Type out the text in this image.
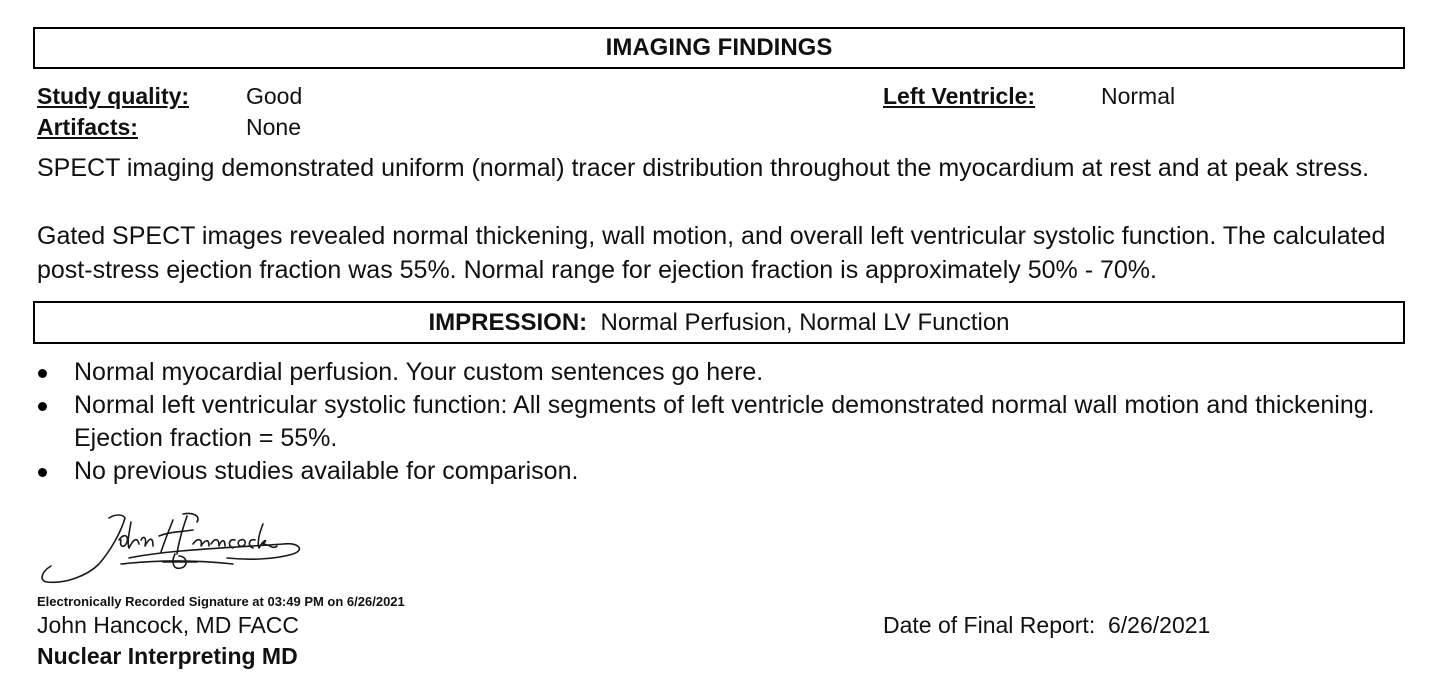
IMAGING FINDINGS
Study quality: Good
Artifacts:	None
Left Ventricle:	Normal

SPECT imaging demonstrated uniform (normal) tracer distribution throughout the myocardium at rest and at peak stress.

Gated SPECT images revealed normal thickening, wall motion, and overall left ventricular systolic function. The calculated post-stress ejection fraction was 55%. Normal range for ejection fraction is approximately 50% - 70%.

IMPRESSION: Normal Perfusion, Normal LV Function
Normal myocardial perfusion. Your custom sentences go here.
Normal left ventricular systolic function: All segments of left ventricle demonstrated normal wall motion and thickening. Ejection fraction = 55%.
No previous studies available for comparison.
Electronically Recorded Signature at 03:49 PM on 6/26/2021
John Hancock, MD FACC
Nuclear Interpreting MD
Date of Final Report: 6/26/2021
